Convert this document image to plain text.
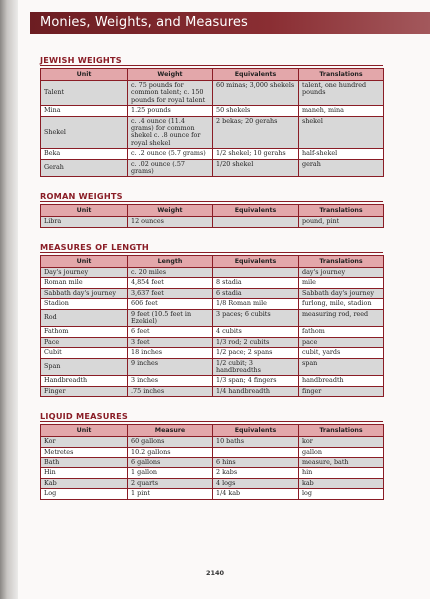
Monies, Weights, and Measures
JEWISH WEIGHTS
Unit	Weight	Equivalents	Translations
Talent	c. 75 pounds for common talent; c. 150 pounds for royal talent	60 minas; 3,000 shekels	talent, one hundred pounds
Mina	1.25 pounds	50 shekels	maneh, mina
Shekel	c. .4 ounce (11.4 grams) for common shekel c. .8 ounce for royal shekel	2 bekas; 20 gerahs	shekel
Beka	c. .2 ounce (5.7 grams)	1/2 shekel; 10 gerahs	half-shekel
Gerah	c. .02 ounce (.57 grams)	1/20 shekel	gerah
ROMAN WEIGHTS
Unit	Weight	Equivalents	Translations
Libra	12 ounces		pound, pint
MEASURES OF LENGTH
Unit	Length	Equivalents	Translations
Day's journey	c. 20 miles		day's journey
Roman mile	4,854 feet	8 stadia	mile
Sabbath day's journey	3,637 feet	6 stadia	Sabbath day's journey
Stadion	606 feet	1/8 Roman mile	furlong, mile, stadion
Rod	9 feet (10.5 feet in Ezekiel)	3 paces; 6 cubits	measuring rod, reed
Fathom	6 feet	4 cubits	fathom
Pace	3 feet	1/3 rod; 2 cubits	pace
Cubit	18 inches	1/2 pace; 2 spans	cubit, yards
Span	9 inches	1/2 cubit; 3 handbreadths	span
Handbreadth	3 inches	1/3 span; 4 fingers	handbreadth
Finger	.75 inches	1/4 handbreadth	finger
LIQUID MEASURES
Unit	Measure	Equivalents	Translations
Kor	60 gallons	10 baths	kor
Metretes	10.2 gallons		gallon
Bath	6 gallons	6 hins	measure, bath
Hin	1 gallon	2 kabs	hin
Kab	2 quarts	4 logs	kab
Log	1 pint	1/4 kab	log
2140
